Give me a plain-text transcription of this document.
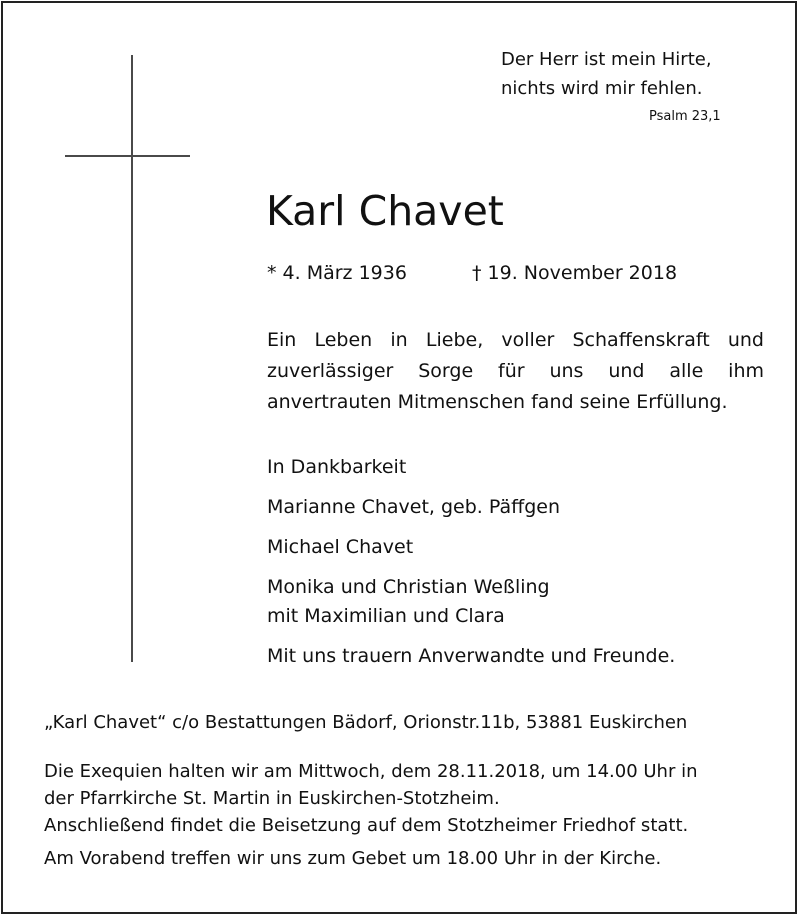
Der Herr ist mein Hirte,
nichts wird mir fehlen.
Psalm 23,1
Karl Chavet
* 4. März 1936	† 19. November 2018
Ein Leben in Liebe, voller Schaffenskraft und zuverlässiger Sorge für uns und alle ihm anvertrauten Mitmenschen fand seine Erfüllung.

In Dankbarkeit

Marianne Chavet, geb. Päffgen

Michael Chavet

Monika und Christian Weßling

mit Maximilian und Clara

Mit uns trauern Anverwandte und Freunde.

„Karl Chavet“ c/o Bestattungen Bädorf, Orionstr.11b, 53881 Euskirchen

Die Exequien halten wir am Mittwoch, dem 28.11.2018, um 14.00 Uhr in

der Pfarrkirche St. Martin in Euskirchen-Stotzheim.

Anschließend findet die Beisetzung auf dem Stotzheimer Friedhof statt.

Am Vorabend treffen wir uns zum Gebet um 18.00 Uhr in der Kirche.
